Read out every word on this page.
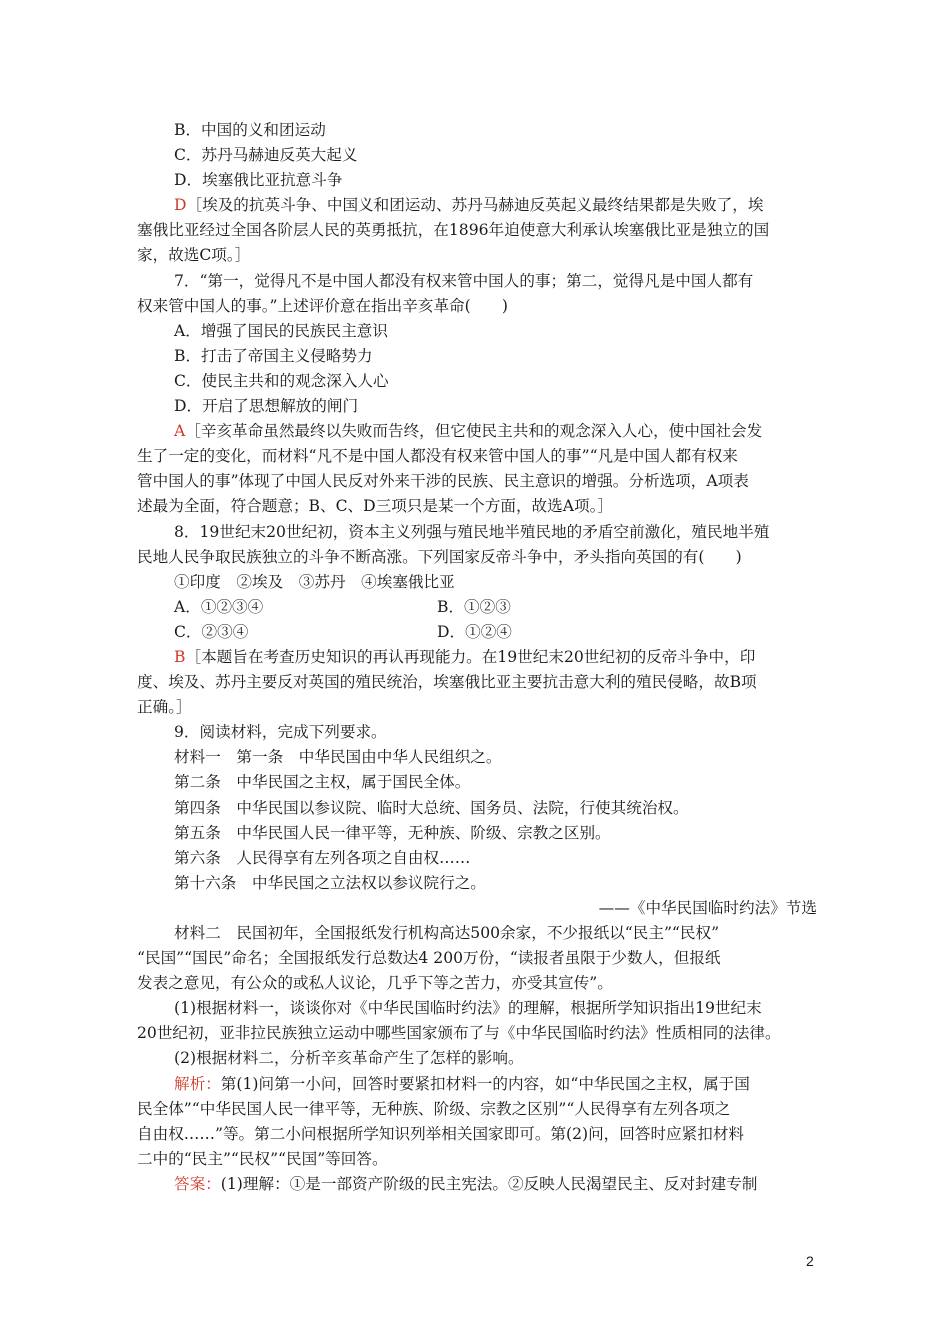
B．中国的义和团运动
C．苏丹马赫迪反英大起义
D．埃塞俄比亚抗意斗争
D［埃及的抗英斗争、中国义和团运动、苏丹马赫迪反英起义最终结果都是失败了，埃
塞俄比亚经过全国各阶层人民的英勇抵抗，在1896年迫使意大利承认埃塞俄比亚是独立的国
家，故选C项。］
7．“第一，觉得凡不是中国人都没有权来管中国人的事；第二，觉得凡是中国人都有
权来管中国人的事。”上述评价意在指出辛亥革命(　　)
A．增强了国民的民族民主意识
B．打击了帝国主义侵略势力
C．使民主共和的观念深入人心
D．开启了思想解放的闸门
A［辛亥革命虽然最终以失败而告终，但它使民主共和的观念深入人心，使中国社会发
生了一定的变化，而材料“凡不是中国人都没有权来管中国人的事”“凡是中国人都有权来
管中国人的事”体现了中国人民反对外来干涉的民族、民主意识的增强。分析选项，A项表
述最为全面，符合题意；B、C、D三项只是某一个方面，故选A项。］
8．19世纪末20世纪初，资本主义列强与殖民地半殖民地的矛盾空前激化，殖民地半殖
民地人民争取民族独立的斗争不断高涨。下列国家反帝斗争中，矛头指向英国的有(　　)
①印度　②埃及　③苏丹　④埃塞俄比亚
A．①②③④	B．①②③
C．②③④	D．①②④
B［本题旨在考查历史知识的再认再现能力。在19世纪末20世纪初的反帝斗争中，印
度、埃及、苏丹主要反对英国的殖民统治，埃塞俄比亚主要抗击意大利的殖民侵略，故B项
正确。］
9．阅读材料，完成下列要求。
材料一　第一条　中华民国由中华人民组织之。
第二条　中华民国之主权，属于国民全体。
第四条　中华民国以参议院、临时大总统、国务员、法院，行使其统治权。
第五条　中华民国人民一律平等，无种族、阶级、宗教之区别。
第六条　人民得享有左列各项之自由权……
第十六条　中华民国之立法权以参议院行之。
——《中华民国临时约法》节选
材料二　民国初年，全国报纸发行机构高达500余家，不少报纸以“民主”“民权”
“民国”“国民”命名；全国报纸发行总数达4 200万份，“读报者虽限于少数人，但报纸
发表之意见，有公众的或私人议论，几乎下等之苦力，亦受其宣传”。
(1)根据材料一，谈谈你对《中华民国临时约法》的理解，根据所学知识指出19世纪末
20世纪初，亚非拉民族独立运动中哪些国家颁布了与《中华民国临时约法》性质相同的法律。
(2)根据材料二，分析辛亥革命产生了怎样的影响。
解析：第(1)问第一小问，回答时要紧扣材料一的内容，如“中华民国之主权，属于国
民全体”“中华民国人民一律平等，无种族、阶级、宗教之区别”“人民得享有左列各项之
自由权……”等。第二小问根据所学知识列举相关国家即可。第(2)问，回答时应紧扣材料
二中的“民主”“民权”“民国”等回答。
答案：(1)理解：①是一部资产阶级的民主宪法。②反映人民渴望民主、反对封建专制
2
